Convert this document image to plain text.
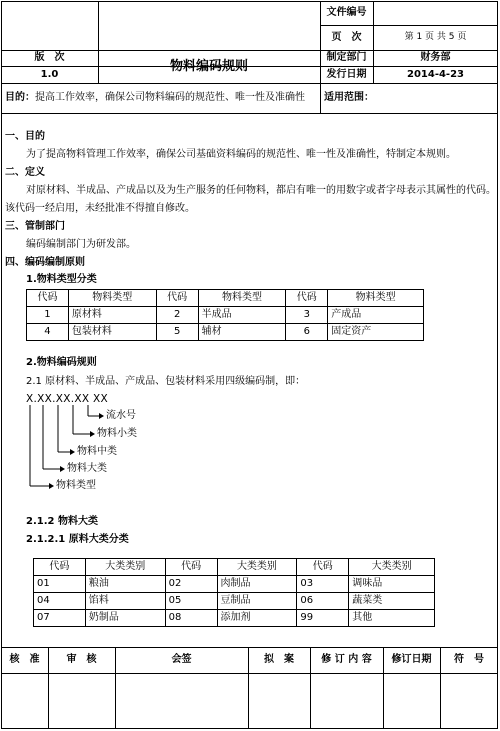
文件编号
页　次	第 1 页 共 5 页
版　次
1.0
物料编码规则
制定部门	财务部
发行日期	2014-4-23
目的：提高工作效率，确保公司物料编码的规范性、唯一性及准确性 适用范围：
一、目的
为了提高物料管理工作效率，确保公司基础资料编码的规范性、唯一性及准确性，特制定本规则。
二、定义
对原材料、半成品、产成品以及为生产服务的任何物料，都启有唯一的用数字或者字母表示其属性的代码。
该代码一经启用，未经批准不得擅自修改。
三、管制部门
编码编制部门为研发部。
四、编码编制原则
1.物料类型分类
代码	物料类型	代码	物料类型	代码	物料类型
1	原材料	2	半成品	3	产成品
4	包装材料	5	辅材	6	固定资产
2.物料编码规则
2.1 原材料、半成品、产成品、包装材料采用四级编码制，即：
X.XX.XX.XX XX
流水号
物料小类
物料中类
物料大类
物料类型
2.1.2 物料大类
2.1.2.1 原料大类分类
代码	大类类别	代码	大类类别	代码	大类类别
01	粮油	02	肉制品	03	调味品
04	馅料	05	豆制品	06	蔬菜类
07	奶制品	08	添加剂	99	其他
核　准	审　核	会签	拟　案	修 订 内 容	修订日期	符　号
